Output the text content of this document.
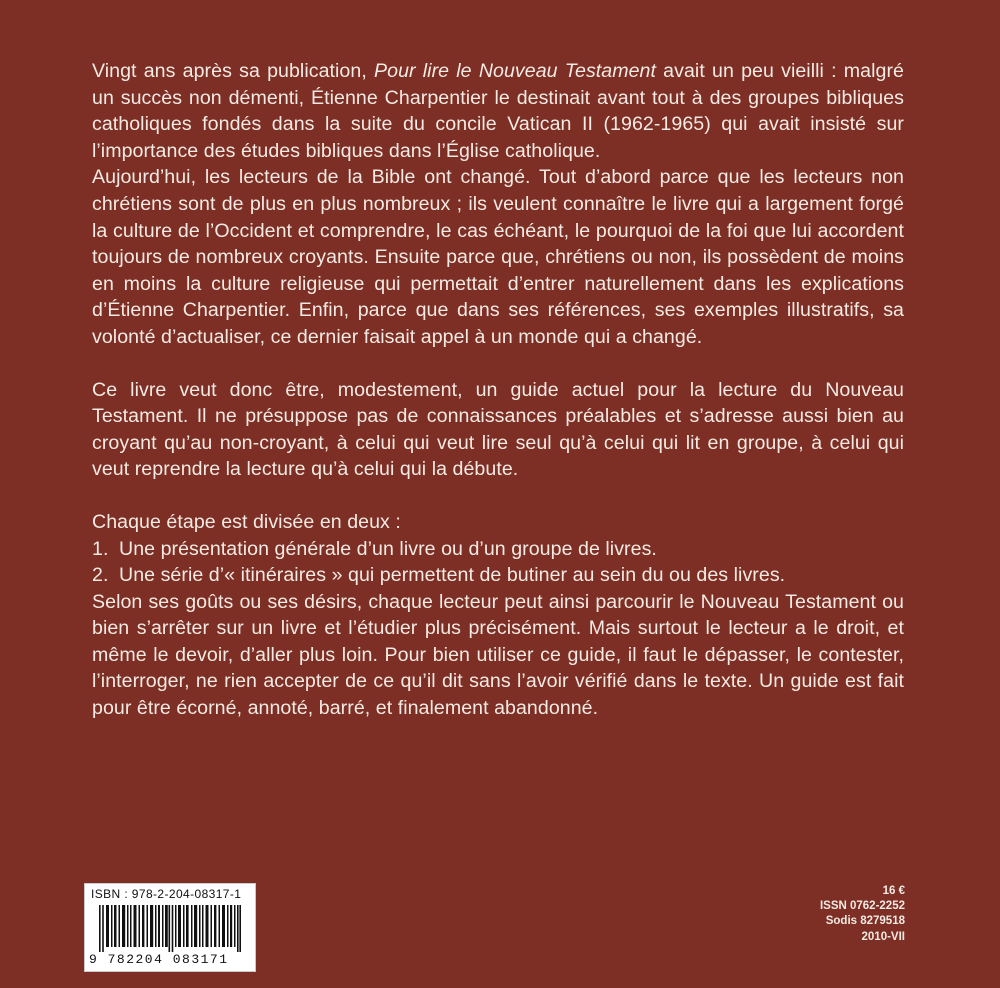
Vingt ans après sa publication, Pour lire le Nouveau Testament avait un peu vieilli : malgré un succès non démenti, Étienne Charpentier le destinait avant tout à des groupes bibliques catholiques fondés dans la suite du concile Vatican II (1962-1965) qui avait insisté sur l’importance des études bibliques dans l’Église catholique.

Aujourd’hui, les lecteurs de la Bible ont changé. Tout d’abord parce que les lecteurs non chrétiens sont de plus en plus nombreux ; ils veulent connaître le livre qui a largement forgé la culture de l’Occident et comprendre, le cas échéant, le pourquoi de la foi que lui accordent toujours de nombreux croyants. Ensuite parce que, chrétiens ou non, ils possèdent de moins en moins la culture religieuse qui permettait d’entrer naturellement dans les explications d’Étienne Charpentier. Enfin, parce que dans ses références, ses exemples illustratifs, sa volonté d’actualiser, ce dernier faisait appel à un monde qui a changé.

Ce livre veut donc être, modestement, un guide actuel pour la lecture du Nouveau Testament. Il ne présuppose pas de connaissances préalables et s’adresse aussi bien au croyant qu’au non-croyant, à celui qui veut lire seul qu’à celui qui lit en groupe, à celui qui veut reprendre la lecture qu’à celui qui la débute.

Chaque étape est divisée en deux :

1. Une présentation générale d’un livre ou d’un groupe de livres.
2. Une série d’« itinéraires » qui permettent de butiner au sein du ou des livres.

Selon ses goûts ou ses désirs, chaque lecteur peut ainsi parcourir le Nouveau Testament ou bien s’arrêter sur un livre et l’étudier plus précisément. Mais surtout le lecteur a le droit, et même le devoir, d’aller plus loin. Pour bien utiliser ce guide, il faut le dépasser, le contester, l’interroger, ne rien accepter de ce qu’il dit sans l’avoir vérifié dans le texte. Un guide est fait pour être écorné, annoté, barré, et finalement abandonné.

ISBN : 978-2-204-08317-1
9 782204 083171
16 €
ISSN 0762-2252
Sodis 8279518
2010-VII
